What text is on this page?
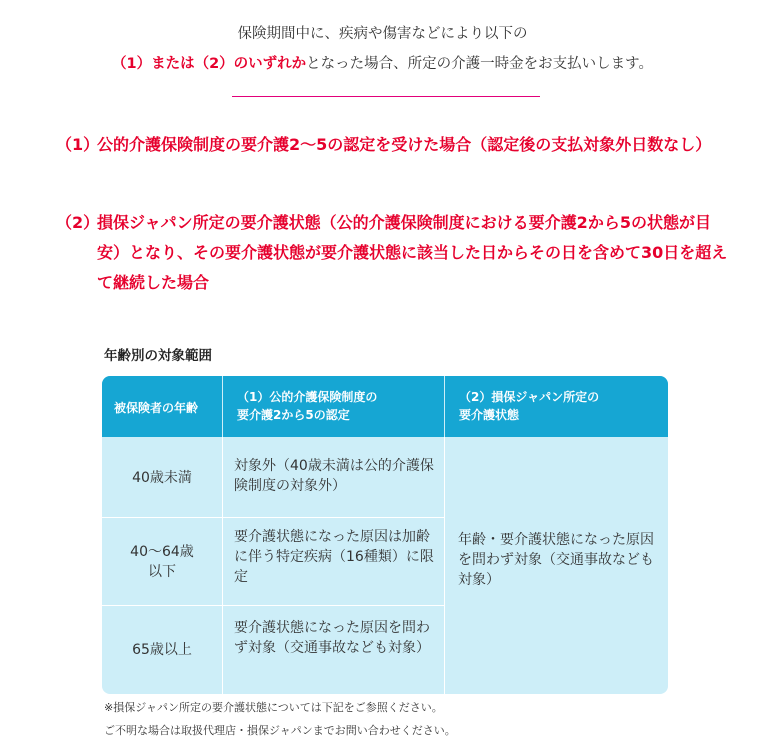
保険期間中に、疾病や傷害などにより以下の
（1）または（2）のいずれかとなった場合、所定の介護一時金をお支払いします。
（1）
公的介護保険制度の要介護2～5の認定を受けた場合（認定後の支払対象外日数なし）
（2）
損保ジャパン所定の要介護状態（公的介護保険制度における要介護2から5の状態が目安）となり、その要介護状態が要介護状態に該当した日からその日を含めて30日を超えて継続した場合
年齢別の対象範囲
被保険者の年齢
（1）公的介護保険制度の
要介護2から5の認定
（2）損保ジャパン所定の
要介護状態
40歳未満
対象外（40歳未満は公的介護保険制度の対象外）
40～64歳
以下
要介護状態になった原因は加齢に伴う特定疾病（16種類）に限定
65歳以上
要介護状態になった原因を問わず対象（交通事故なども対象）
年齢・要介護状態になった原因を問わず対象（交通事故なども対象）
※損保ジャパン所定の要介護状態については下記をご参照ください。
ご不明な場合は取扱代理店・損保ジャパンまでお問い合わせください。
